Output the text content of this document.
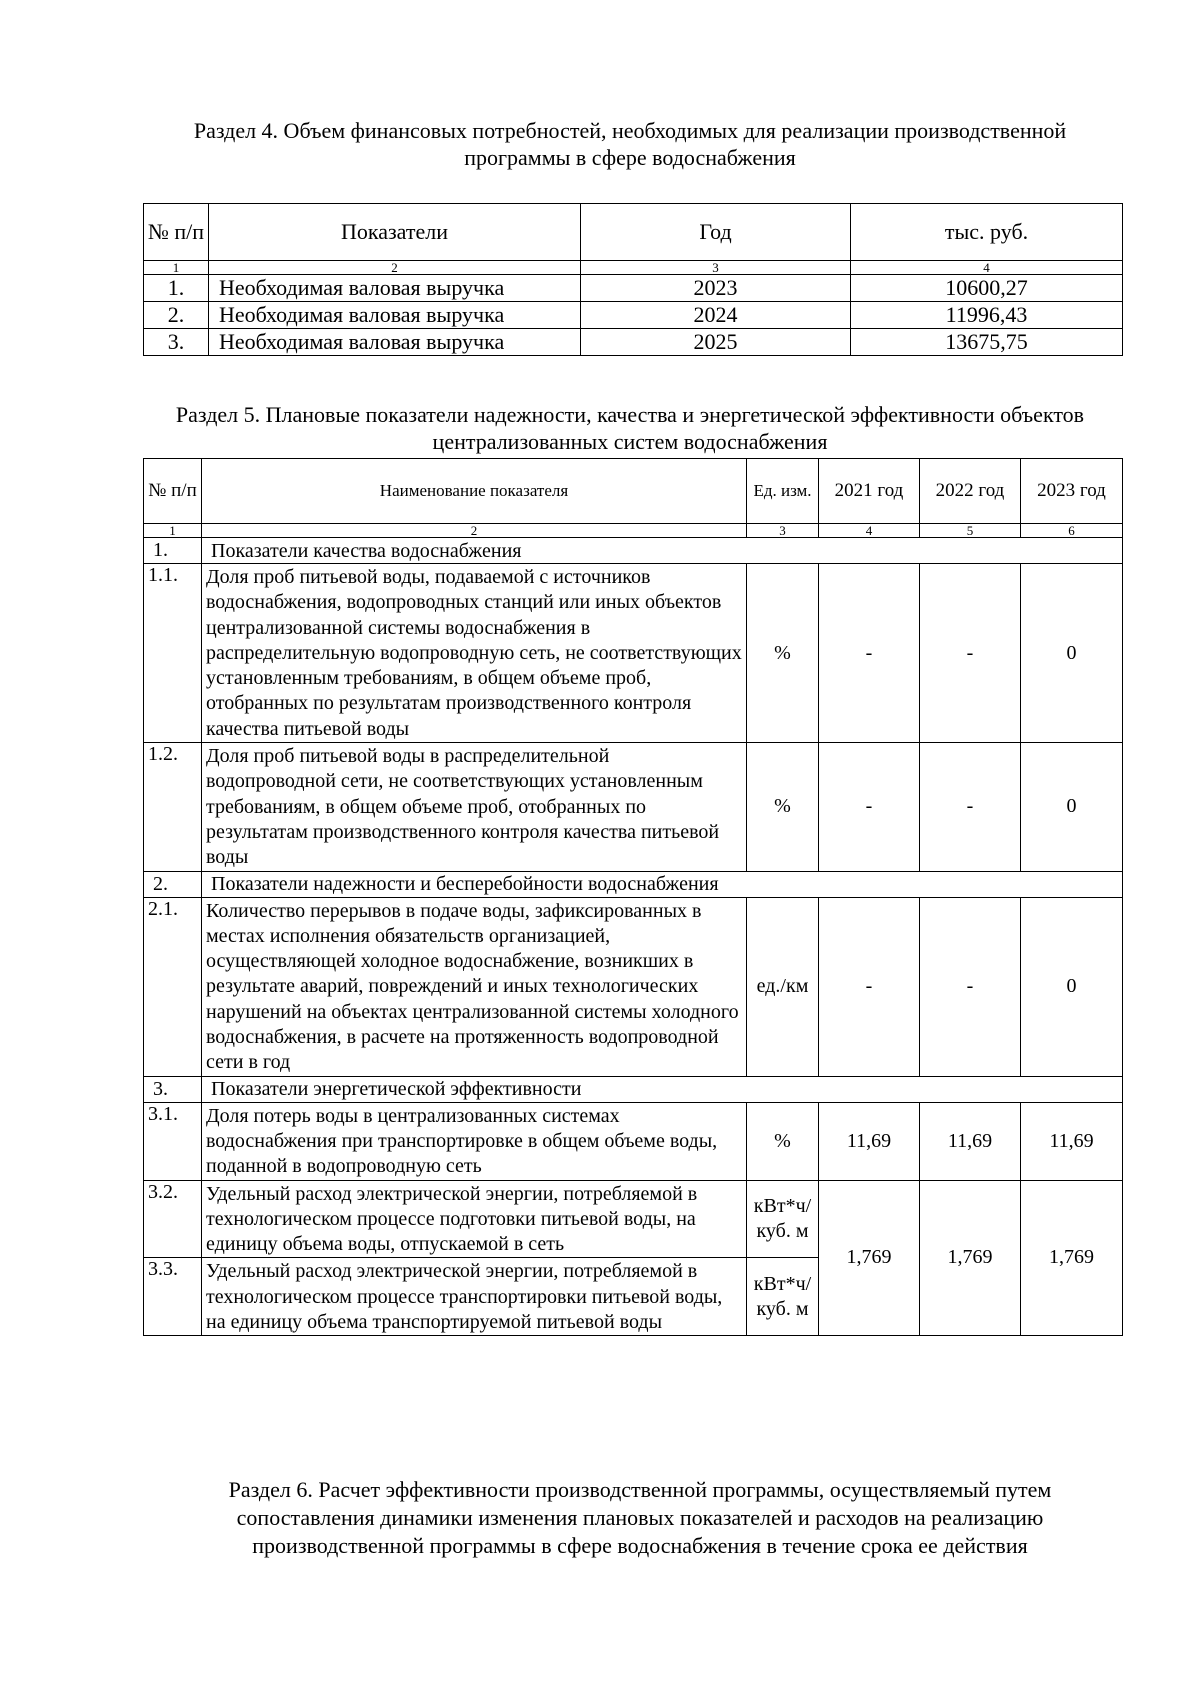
Раздел 4. Объем финансовых потребностей, необходимых для реализации производственной программы в сфере водоснабжения
№ п/п	Показатели	Год	тыс. руб.
1	2	3	4
1.	Необходимая валовая выручка	2023	10600,27
2.	Необходимая валовая выручка	2024	11996,43
3.	Необходимая валовая выручка	2025	13675,75
Раздел 5. Плановые показатели надежности, качества и энергетической эффективности объектов централизованных систем водоснабжения
№ п/п	Наименование показателя	Ед. изм.	2021 год	2022 год	2023 год
1	2	3	4	5	6
1.	Показатели качества водоснабжения				
1.1.	Доля проб питьевой воды, подаваемой с источников водоснабжения, водопроводных станций или иных объектов централизованной системы водоснабжения в распределительную водопроводную сеть, не соответствующих установленным требованиям, в общем объеме проб, отобранных по результатам производственного контроля качества питьевой воды	%	-	-	0
1.2.	Доля проб питьевой воды в распределительной водопроводной сети, не соответствующих установленным требованиям, в общем объеме проб, отобранных по результатам производственного контроля качества питьевой воды	%	-	-	0
2.	Показатели надежности и бесперебойности водоснабжения				
2.1.	Количество перерывов в подаче воды, зафиксированных в местах исполнения обязательств организацией, осуществляющей холодное водоснабжение, возникших в результате аварий, повреждений и иных технологических нарушений на объектах централизованной системы холодного водоснабжения, в расчете на протяженность водопроводной сети в год	ед./км	-	-	0
3.	Показатели энергетической эффективности				
3.1.	Доля потерь воды в централизованных системах водоснабжения при транспортировке в общем объеме воды, поданной в водопроводную сеть	%	11,69	11,69	11,69
3.2.	Удельный расход электрической энергии, потребляемой в технологическом процессе подготовки питьевой воды, на единицу объема воды, отпускаемой в сеть	кВт*ч/куб. м	1,769	1,769	1,769
3.3.	Удельный расход электрической энергии, потребляемой в технологическом процессе транспортировки питьевой воды, на единицу объема транспортируемой питьевой воды	кВт*ч/куб. м			
Раздел 6. Расчет эффективности производственной программы, осуществляемый путем сопоставления динамики изменения плановых показателей и расходов на реализацию производственной программы в сфере водоснабжения в течение срока ее действия
